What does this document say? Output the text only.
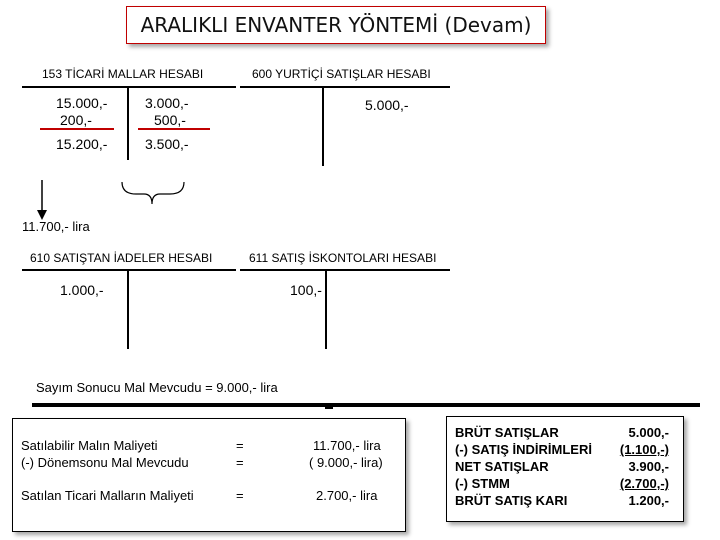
ARALIKLI ENVANTER YÖNTEMİ (Devam)
153 TİCARİ MALLAR HESABI
15.000,-
200,-
15.200,-
3.000,-
500,-
3.500,-
11.700,- lira
600 YURTİÇİ SATIŞLAR HESABI
5.000,-
610 SATIŞTAN İADELER HESABI
1.000,-
611 SATIŞ İSKONTOLARI HESABI
100,-
Sayım Sonucu Mal Mevcudu = 9.000,- lira
Satılabilir Malın Maliyeti	=	11.700,- lira
(-) Dönemsonu Mal Mevcudu	=	( 9.000,- lira)
Satılan Ticari Malların Maliyeti	=	2.700,- lira
BRÜT SATIŞLAR	5.000,-
(-) SATIŞ İNDİRİMLERİ (1.100,-)
NET SATIŞLAR	3.900,-
(-) STMM	(2.700,-)
BRÜT SATIŞ KARI	1.200,-
